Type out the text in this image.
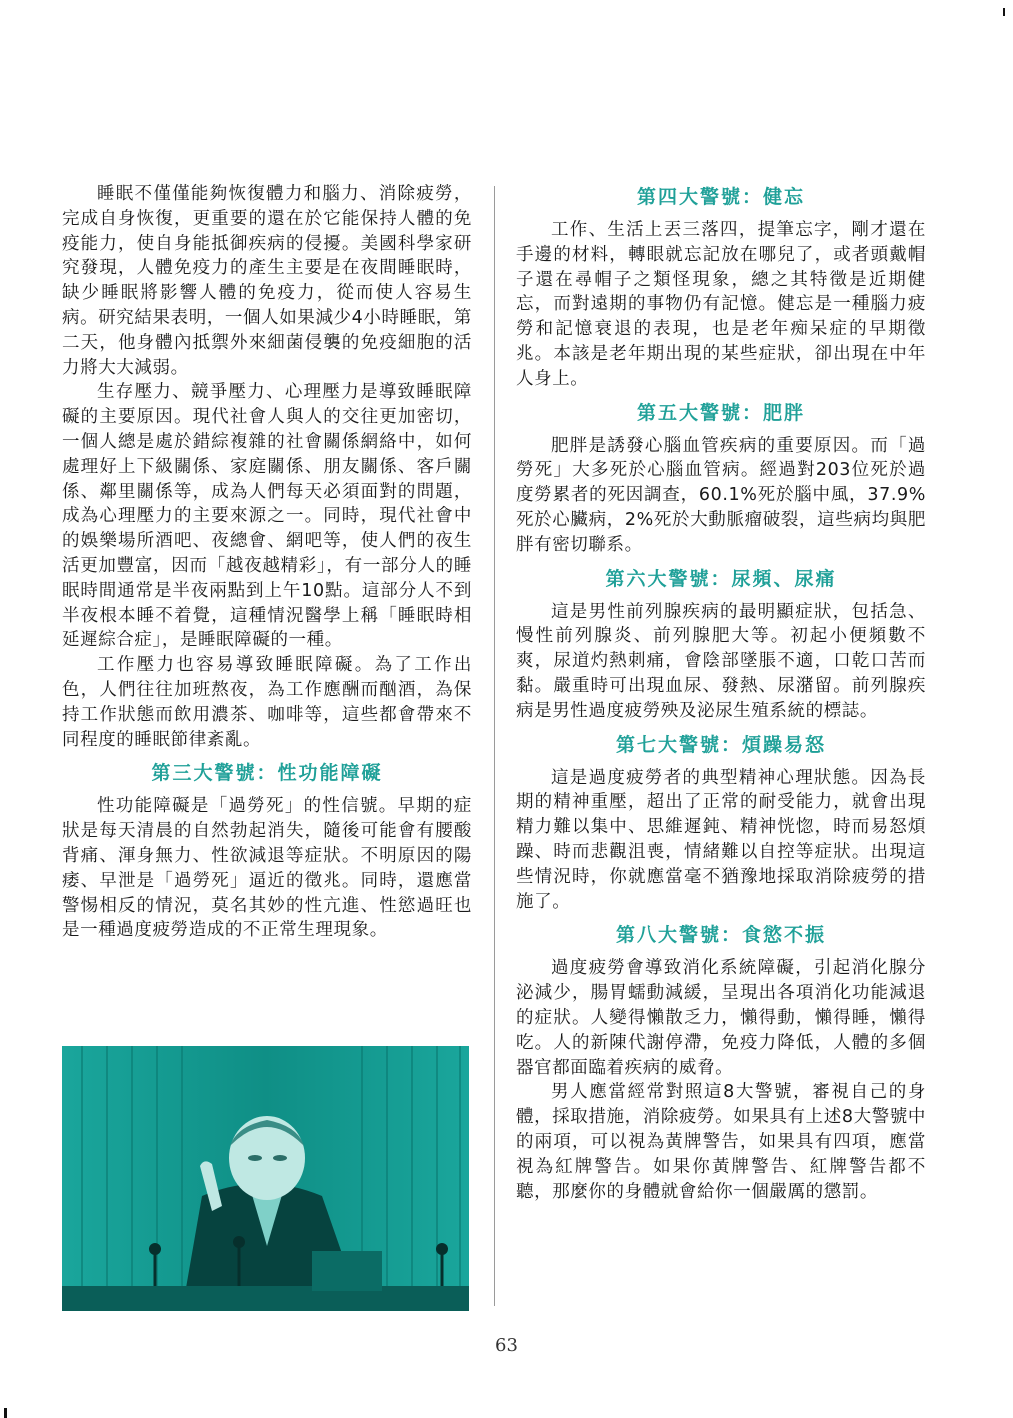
睡眠不僅僅能夠恢復體力和腦力、消除疲勞，完成自身恢復，更重要的還在於它能保持人體的免疫能力，使自身能抵御疾病的侵擾。美國科學家研究發現，人體免疫力的產生主要是在夜間睡眠時，缺少睡眠將影響人體的免疫力，從而使人容易生病。研究結果表明，一個人如果減少4小時睡眠，第二天，他身體內抵禦外來細菌侵襲的免疫細胞的活力將大大減弱。

生存壓力、競爭壓力、心理壓力是導致睡眠障礙的主要原因。現代社會人與人的交往更加密切，一個人總是處於錯綜複雜的社會關係網絡中，如何處理好上下級關係、家庭關係、朋友關係、客戶關係、鄰里關係等，成為人們每天必須面對的問題，成為心理壓力的主要來源之一。同時，現代社會中的娛樂場所酒吧、夜總會、網吧等，使人們的夜生活更加豐富，因而「越夜越精彩」，有一部分人的睡眠時間通常是半夜兩點到上午10點。這部分人不到半夜根本睡不着覺，這種情況醫學上稱「睡眠時相延遲綜合症」，是睡眠障礙的一種。

工作壓力也容易導致睡眠障礙。為了工作出色，人們往往加班熬夜，為工作應酬而酗酒，為保持工作狀態而飲用濃茶、咖啡等，這些都會帶來不同程度的睡眠節律紊亂。

第三大警號：性功能障礙

性功能障礙是「過勞死」的性信號。早期的症狀是每天清晨的自然勃起消失，隨後可能會有腰酸背痛、渾身無力、性欲減退等症狀。不明原因的陽痿、早泄是「過勞死」逼近的徵兆。同時，還應當警惕相反的情況，莫名其妙的性亢進、性慾過旺也是一種過度疲勞造成的不正常生理現象。

第四大警號：健忘

工作、生活上丟三落四，提筆忘字，剛才還在手邊的材料，轉眼就忘記放在哪兒了，或者頭戴帽子還在尋帽子之類怪現象，總之其特徵是近期健忘，而對遠期的事物仍有記憶。健忘是一種腦力疲勞和記憶衰退的表現，也是老年痴呆症的早期徵兆。本該是老年期出現的某些症狀，卻出現在中年人身上。

第五大警號：肥胖

肥胖是誘發心腦血管疾病的重要原因。而「過勞死」大多死於心腦血管病。經過對203位死於過度勞累者的死因調查，60.1%死於腦中風，37.9%死於心臟病，2%死於大動脈瘤破裂，這些病均與肥胖有密切聯系。

第六大警號：尿頻、尿痛

這是男性前列腺疾病的最明顯症狀，包括急、慢性前列腺炎、前列腺肥大等。初起小便頻數不爽，尿道灼熱刺痛，會陰部墜脹不適，口乾口苦而黏。嚴重時可出現血尿、發熱、尿潴留。前列腺疾病是男性過度疲勞殃及泌尿生殖系統的標誌。

第七大警號：煩躁易怒

這是過度疲勞者的典型精神心理狀態。因為長期的精神重壓，超出了正常的耐受能力，就會出現精力難以集中、思維遲鈍、精神恍惚，時而易怒煩躁、時而悲觀沮喪，情緒難以自控等症狀。出現這些情況時，你就應當毫不猶豫地採取消除疲勞的措施了。

第八大警號：食慾不振

過度疲勞會導致消化系統障礙，引起消化腺分泌減少，腸胃蠕動減緩，呈現出各項消化功能減退的症狀。人變得懶散乏力，懶得動，懶得睡，懶得吃。人的新陳代謝停滯，免疫力降低，人體的多個器官都面臨着疾病的威脅。

男人應當經常對照這8大警號，審視自己的身體，採取措施，消除疲勞。如果具有上述8大警號中的兩項，可以視為黃牌警告，如果具有四項，應當視為紅牌警告。如果你黃牌警告、紅牌警告都不聽，那麼你的身體就會給你一個嚴厲的懲罰。

63
